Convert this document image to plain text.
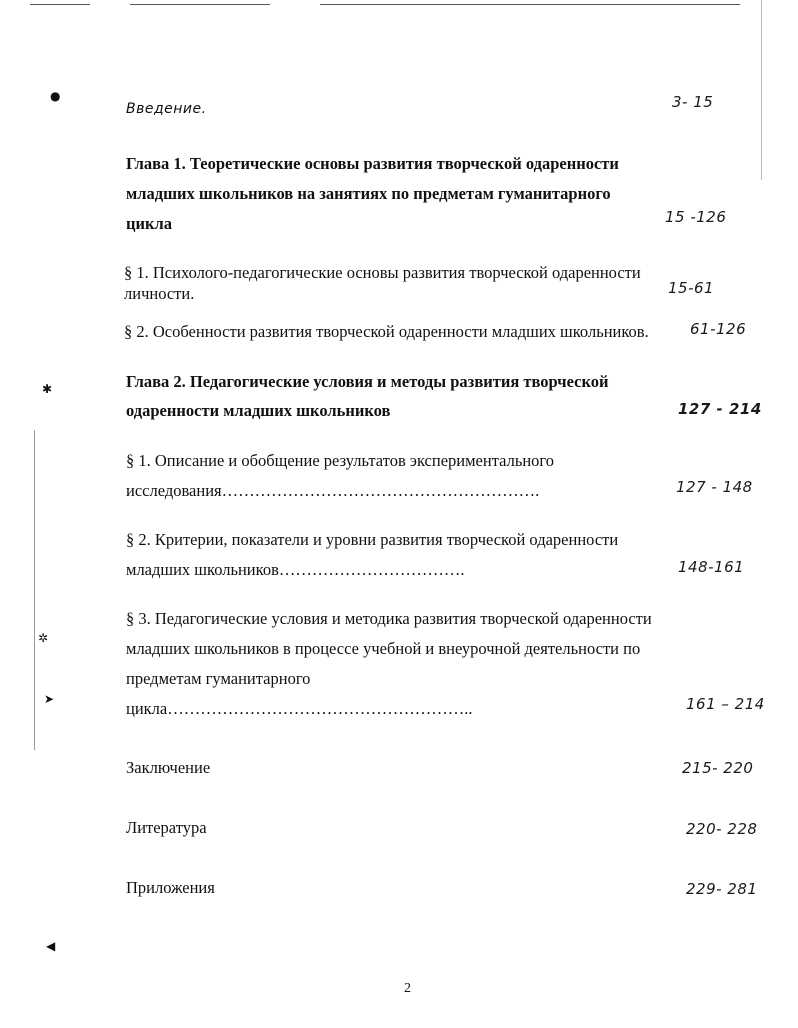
●
✱
✲
➤
◀
Введение.	3- 15
Глава 1. Теоретические основы развития творческой одаренности
младших школьников на занятиях по предметам гуманитарного
цикла	15 -126
§ 1. Психолого-педагогические основы развития творческой одаренности
личности.	15-61
§ 2. Особенности развития творческой одаренности младших школьников.	61-126
Глава 2. Педагогические условия и методы развития творческой
одаренности младших школьников	127 - 214
§ 1. Описание и обобщение результатов экспериментального
исследования………………………………………………….	127 - 148
§ 2. Критерии, показатели и уровни развития творческой одаренности
младших школьников…………………………….	148-161
§ 3. Педагогические условия и методика развития творческой одаренности
младших школьников в процессе учебной и внеурочной деятельности по
предметам гуманитарного
цикла………………………………………………..	161 – 214
Заключение	215- 220
Литература	220- 228
Приложения	229- 281
2
